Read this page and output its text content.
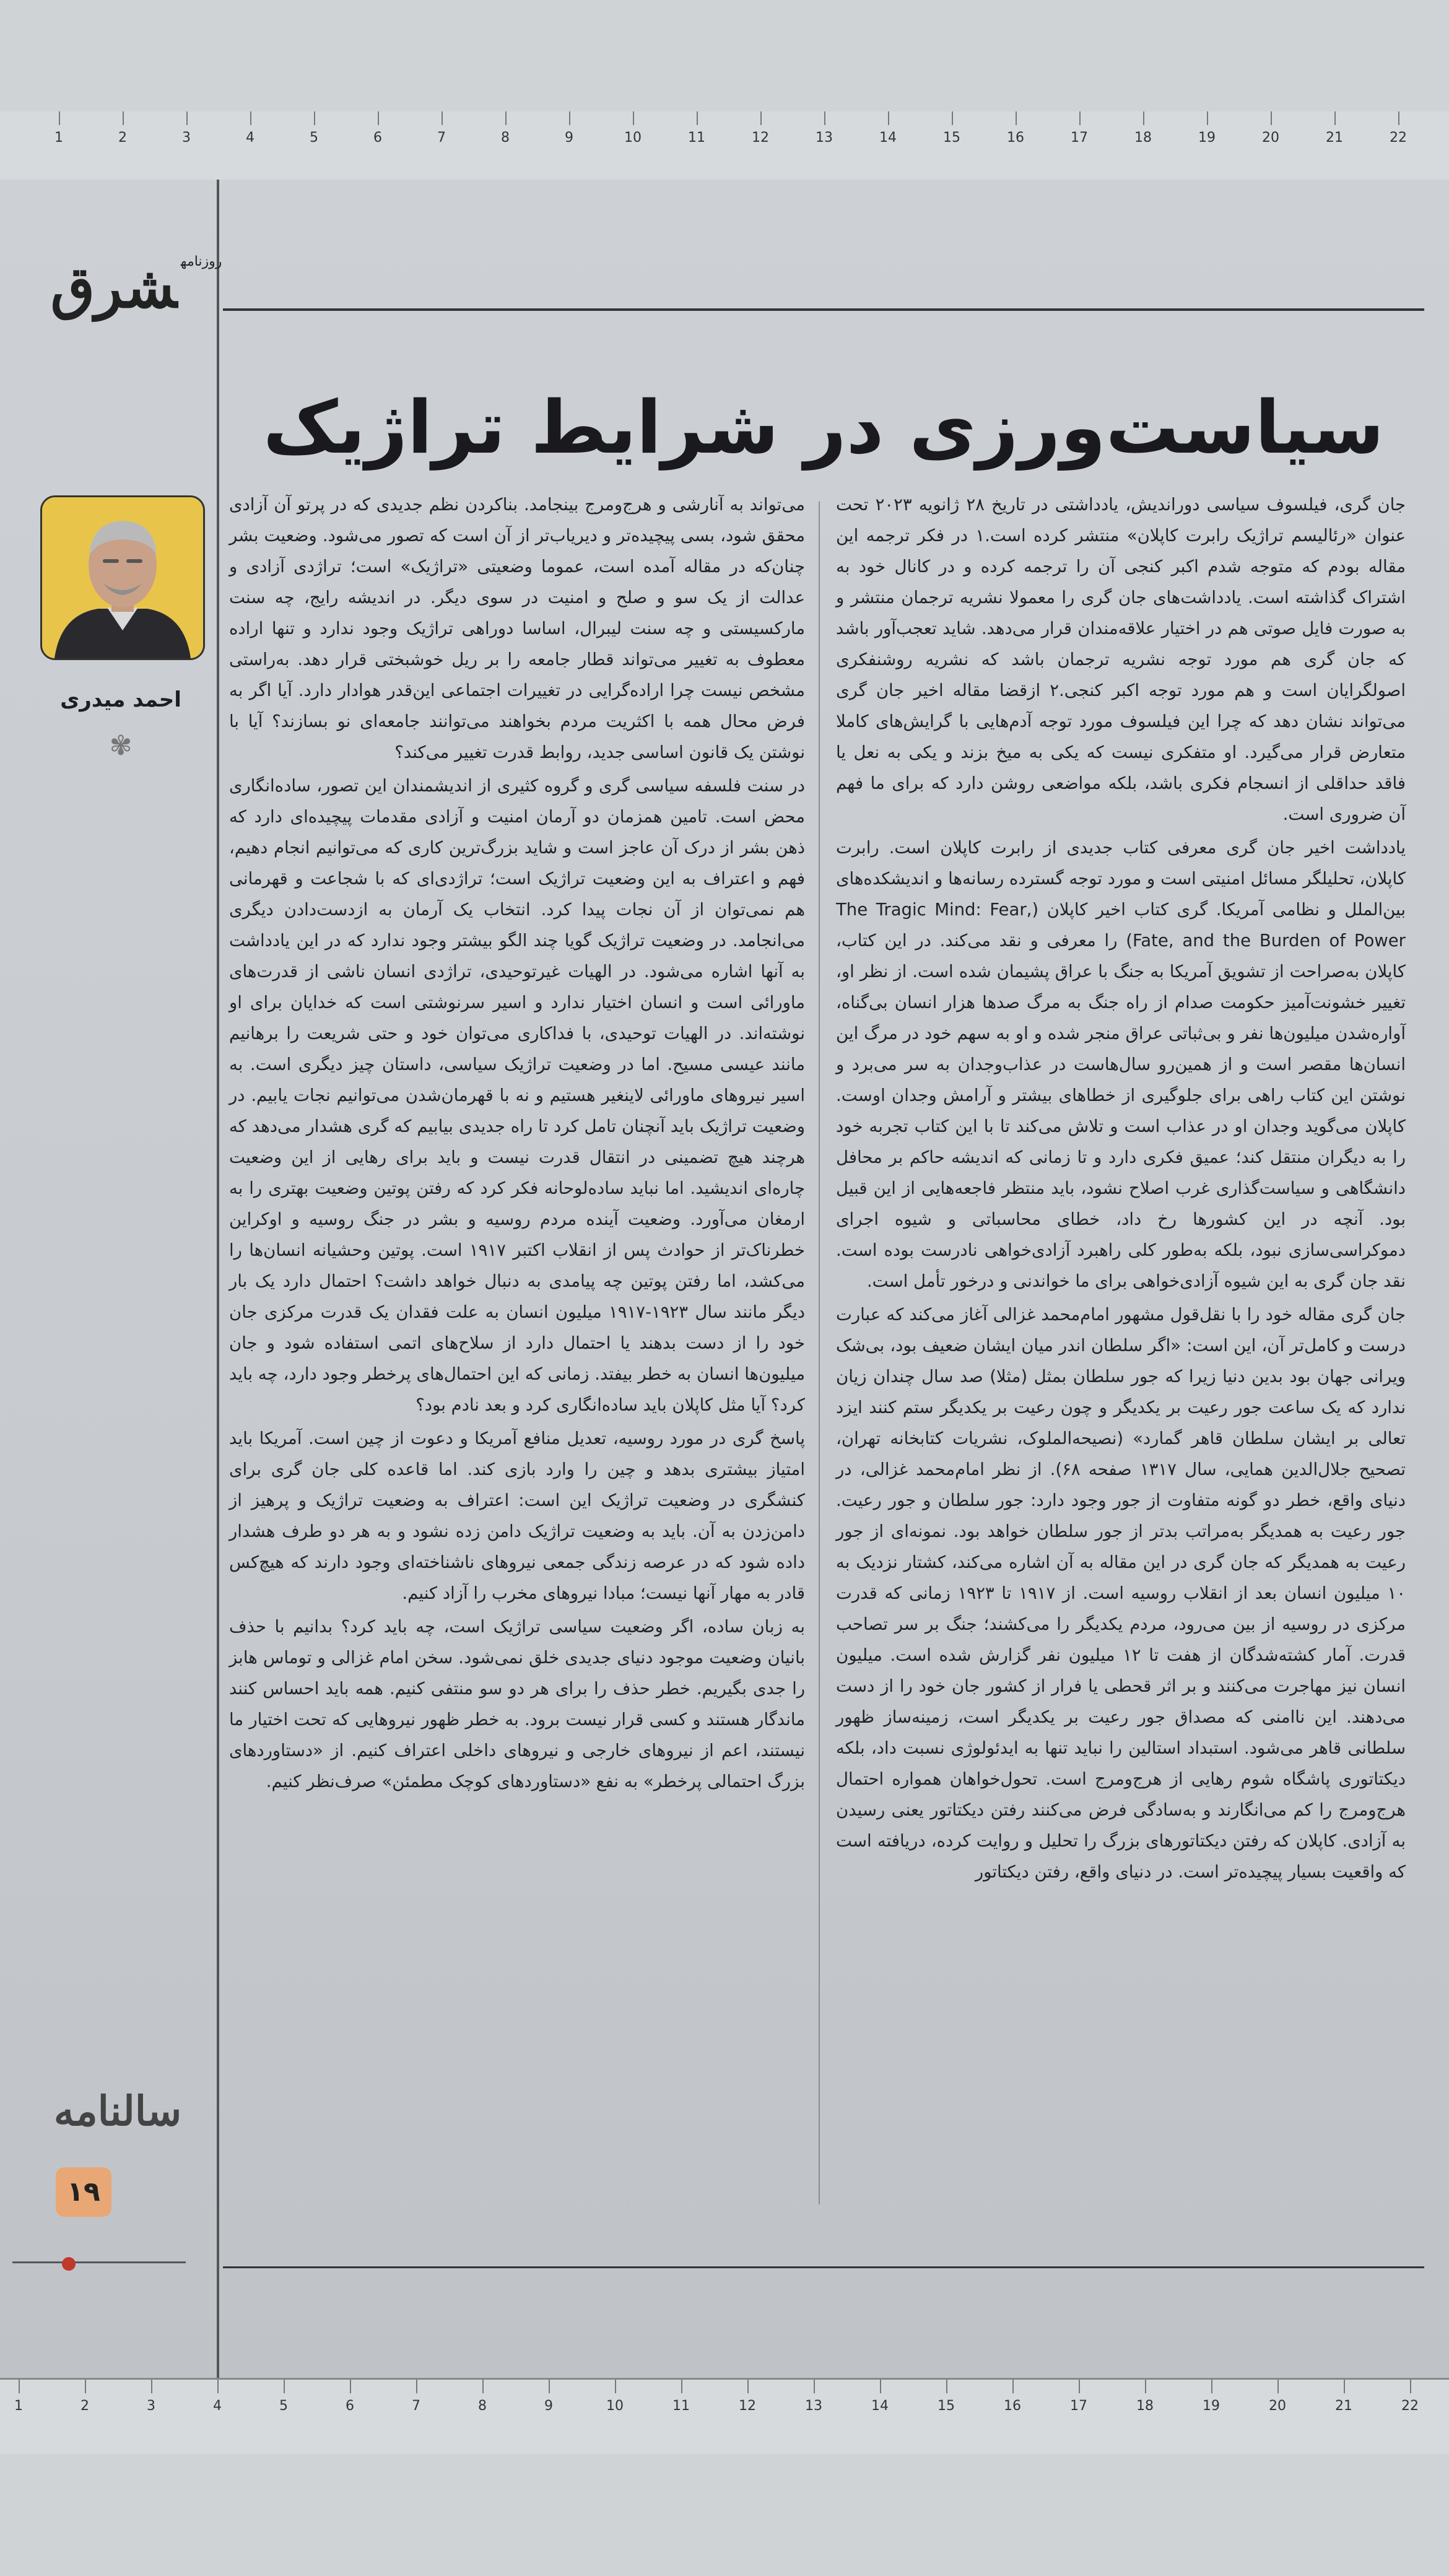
1	2	3	4	5	6	7	8	9	10	11	12	13	14	15	16	17	18	19	20	21	22
$^{روزنامه}$شرق
احمد میدری
✾
سالنامه
۱۹
سیاست‌ورزی در شرایط تراژیک

جان گری، فیلسوف سیاسی دوراندیش، یادداشتی در تاریخ ۲۸ ژانویه ۲۰۲۳ تحت عنوان «رئالیسم تراژیک رابرت کاپلان» منتشر کرده است.۱ در فکر ترجمه این مقاله بودم که متوجه شدم اکبر کنجی آن را ترجمه کرده و در کانال خود به اشتراک گذاشته است. یادداشت‌های جان گری را معمولا نشریه ترجمان منتشر و به صورت فایل صوتی هم در اختیار علاقه‌مندان قرار می‌دهد. شاید تعجب‌آور باشد که جان گری هم مورد توجه نشریه ترجمان باشد که نشریه روشنفکری اصولگرایان است و هم مورد توجه اکبر کنجی.۲ ازقضا مقاله اخیر جان گری می‌تواند نشان دهد که چرا این فیلسوف مورد توجه آدم‌هایی با گرایش‌های کاملا متعارض قرار می‌گیرد. او متفکری نیست که یکی به میخ بزند و یکی به نعل یا فاقد حداقلی از انسجام فکری باشد، بلکه مواضعی روشن دارد که برای ما فهم آن ضروری است.

یادداشت اخیر جان گری معرفی کتاب جدیدی از رابرت کاپلان است. رابرت کاپلان، تحلیلگر مسائل امنیتی است و مورد توجه گسترده رسانه‌ها و اندیشکده‌های بین‌الملل و نظامی آمریکا. گری کتاب اخیر کاپلان (The Tragic Mind: Fear, Fate, and the Burden of Power) را معرفی و نقد می‌کند. در این کتاب، کاپلان به‌صراحت از تشویق آمریکا به جنگ با عراق پشیمان شده است. از نظر او، تغییر خشونت‌آمیز حکومت صدام از راه جنگ به مرگ صدها هزار انسان بی‌گناه، آواره‌شدن میلیون‌ها نفر و بی‌ثباتی عراق منجر شده و او به سهم خود در مرگ این انسان‌ها مقصر است و از همین‌رو سال‌هاست در عذاب‌وجدان به سر می‌برد و نوشتن این کتاب راهی برای جلوگیری از خطاهای بیشتر و آرامش وجدان اوست. کاپلان می‌گوید وجدان او در عذاب است و تلاش می‌کند تا با این کتاب تجربه خود را به دیگران منتقل کند؛ عمیق فکری دارد و تا زمانی که اندیشه حاکم بر محافل دانشگاهی و سیاست‌گذاری غرب اصلاح نشود، باید منتظر فاجعه‌هایی از این قبیل بود. آنچه در این کشورها رخ داد، خطای محاسباتی و شیوه اجرای دموکراسی‌سازی نبود، بلکه به‌طور کلی راهبرد آزادی‌خواهی نادرست بوده است. نقد جان گری به این شیوه آزادی‌خواهی برای ما خواندنی و درخور تأمل است.

جان گری مقاله خود را با نقل‌قول مشهور امام‌محمد غزالی آغاز می‌کند که عبارت درست و کامل‌تر آن، این است: «اگر سلطان اندر میان ایشان ضعیف بود، بی‌شک ویرانی جهان بود بدین دنیا زیرا که جور سلطان بمثل (مثلا) صد سال چندان زیان ندارد که یک ساعت جور رعیت بر یکدیگر و چون رعیت بر یکدیگر ستم کنند ایزد تعالی بر ایشان سلطان قاهر گمارد» (نصیحه‌الملوک، نشریات کتابخانه تهران، تصحیح جلال‌الدین همایی، سال ۱۳۱۷ صفحه ۶۸). از نظر امام‌محمد غزالی، در دنیای واقع، خطر دو گونه متفاوت از جور وجود دارد: جور سلطان و جور رعیت. جور رعیت به همدیگر به‌مراتب بدتر از جور سلطان خواهد بود. نمونه‌ای از جور رعیت به همدیگر که جان گری در این مقاله به آن اشاره می‌کند، کشتار نزدیک به ۱۰ میلیون انسان بعد از انقلاب روسیه است. از ۱۹۱۷ تا ۱۹۲۳ زمانی که قدرت مرکزی در روسیه از بین می‌رود، مردم یکدیگر را می‌کشند؛ جنگ بر سر تصاحب قدرت. آمار کشته‌شدگان از هفت تا ۱۲ میلیون نفر گزارش شده است. میلیون انسان نیز مهاجرت می‌کنند و بر اثر قحطی یا فرار از کشور جان خود را از دست می‌دهند. این ناامنی که مصداق جور رعیت بر یکدیگر است، زمینه‌ساز ظهور سلطانی قاهر می‌شود. استبداد استالین را نباید تنها به ایدئولوژی نسبت داد، بلکه دیکتاتوری پاشگاه شوم رهایی از هرج‌ومرج است. تحول‌خواهان همواره احتمال هرج‌ومرج را کم می‌انگارند و به‌سادگی فرض می‌کنند رفتن دیکتاتور یعنی رسیدن به آزادی. کاپلان که رفتن دیکتاتورهای بزرگ را تحلیل و روایت کرده، دریافته است که واقعیت بسیار پیچیده‌تر است. در دنیای واقع، رفتن دیکتاتور

می‌تواند به آنارشی و هرج‌ومرج بینجامد. بناکردن نظم جدیدی که در پرتو آن آزادی محقق شود، بسی پیچیده‌تر و دیریاب‌تر از آن است که تصور می‌شود. وضعیت بشر چنان‌که در مقاله آمده است، عموما وضعیتی «تراژیک» است؛ تراژدی آزادی و عدالت از یک سو و صلح و امنیت در سوی دیگر. در اندیشه رایج، چه سنت مارکسیستی و چه سنت لیبرال، اساسا دوراهی تراژیک وجود ندارد و تنها اراده معطوف به تغییر می‌تواند قطار جامعه را بر ریل خوشبختی قرار دهد. به‌راستی مشخص نیست چرا اراده‌گرایی در تغییرات اجتماعی این‌قدر هوادار دارد. آیا اگر به فرض محال همه با اکثریت مردم بخواهند می‌توانند جامعه‌ای نو بسازند؟ آیا با نوشتن یک قانون اساسی جدید، روابط قدرت تغییر می‌کند؟

در سنت فلسفه سیاسی گری و گروه کثیری از اندیشمندان این تصور، ساده‌انگاری محض است. تامین همزمان دو آرمان امنیت و آزادی مقدمات پیچیده‌ای دارد که ذهن بشر از درک آن عاجز است و شاید بزرگ‌ترین کاری که می‌توانیم انجام دهیم، فهم و اعتراف به این وضعیت تراژیک است؛ تراژدی‌ای که با شجاعت و قهرمانی هم نمی‌توان از آن نجات پیدا کرد. انتخاب یک آرمان به ازدست‌دادن دیگری می‌انجامد. در وضعیت تراژیک گویا چند الگو بیشتر وجود ندارد که در این یادداشت به آنها اشاره می‌شود. در الهیات غیرتوحیدی، تراژدی انسان ناشی از قدرت‌های ماورائی است و انسان اختیار ندارد و اسیر سرنوشتی است که خدایان برای او نوشته‌اند. در الهیات توحیدی، با فداکاری می‌توان خود و حتی شریعت را برهانیم مانند عیسی مسیح. اما در وضعیت تراژیک سیاسی، داستان چیز دیگری است. به اسیر نیروهای ماورائی لاینغیر هستیم و نه با قهرمان‌شدن می‌توانیم نجات یابیم. در وضعیت تراژیک باید آنچنان تامل کرد تا راه جدیدی بیابیم که گری هشدار می‌دهد که هرچند هیچ تضمینی در انتقال قدرت نیست و باید برای رهایی از این وضعیت چاره‌ای اندیشید. اما نباید ساده‌لوحانه فکر کرد که رفتن پوتین وضعیت بهتری را به ارمغان می‌آورد. وضعیت آینده مردم روسیه و بشر در جنگ روسیه و اوکراین خطرناک‌تر از حوادث پس از انقلاب اکتبر ۱۹۱۷ است. پوتین وحشیانه انسان‌ها را می‌کشد، اما رفتن پوتین چه پیامدی به دنبال خواهد داشت؟ احتمال دارد یک بار دیگر مانند سال ۱۹۲۳-۱۹۱۷ میلیون انسان به علت فقدان یک قدرت مرکزی جان خود را از دست بدهند یا احتمال دارد از سلاح‌های اتمی استفاده شود و جان میلیون‌ها انسان به خطر بیفتد. زمانی که این احتمال‌های پرخطر وجود دارد، چه باید کرد؟ آیا مثل کاپلان باید ساده‌انگاری کرد و بعد نادم بود؟

پاسخ گری در مورد روسیه، تعدیل منافع آمریکا و دعوت از چین است. آمریکا باید امتیاز بیشتری بدهد و چین را وارد بازی کند. اما قاعده کلی جان گری برای کنشگری در وضعیت تراژیک این است: اعتراف به وضعیت تراژیک و پرهیز از دامن‌زدن به آن. باید به وضعیت تراژیک دامن زده نشود و به هر دو طرف هشدار داده شود که در عرصه زندگی جمعی نیروهای ناشناخته‌ای وجود دارند که هیچ‌کس قادر به مهار آنها نیست؛ مبادا نیروهای مخرب را آزاد کنیم.

به زبان ساده، اگر وضعیت سیاسی تراژیک است، چه باید کرد؟ بدانیم با حذف بانیان وضعیت موجود دنیای جدیدی خلق نمی‌شود. سخن امام غزالی و توماس هابز را جدی بگیریم. خطر حذف را برای هر دو سو منتفی کنیم. همه باید احساس کنند ماندگار هستند و کسی قرار نیست برود. به خطر ظهور نیروهایی که تحت اختیار ما نیستند، اعم از نیروهای خارجی و نیروهای داخلی اعتراف کنیم. از «دستاوردهای بزرگ احتمالی پرخطر» به نفع «دستاوردهای کوچک مطمئن» صرف‌نظر کنیم.

1	2	3	4	5	6	7	8	9	10	11	12	13	14	15	16	17	18	19	20	21	22
